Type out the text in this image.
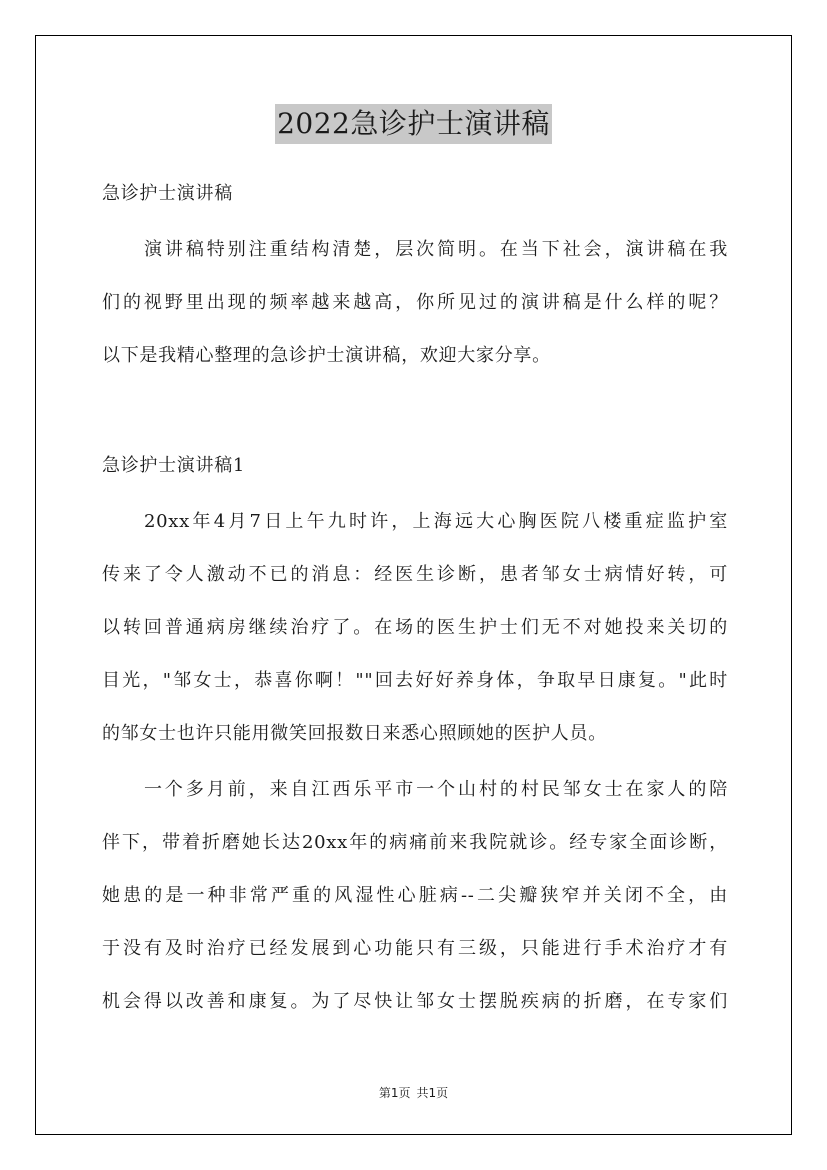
2022急诊护士演讲稿
急诊护士演讲稿
演讲稿特别注重结构清楚，层次简明。在当下社会，演讲稿在我
们的视野里出现的频率越来越高，你所见过的演讲稿是什么样的呢？
以下是我精心整理的急诊护士演讲稿，欢迎大家分享。
急诊护士演讲稿1
20xx年4月7日上午九时许，上海远大心胸医院八楼重症监护室
传来了令人激动不已的消息：经医生诊断，患者邹女士病情好转，可
以转回普通病房继续治疗了。在场的医生护士们无不对她投来关切的
目光，"邹女士，恭喜你啊！""回去好好养身体，争取早日康复。"此时
的邹女士也许只能用微笑回报数日来悉心照顾她的医护人员。
一个多月前，来自江西乐平市一个山村的村民邹女士在家人的陪
伴下，带着折磨她长达20xx年的病痛前来我院就诊。经专家全面诊断，
她患的是一种非常严重的风湿性心脏病--二尖瓣狭窄并关闭不全，由
于没有及时治疗已经发展到心功能只有三级，只能进行手术治疗才有
机会得以改善和康复。为了尽快让邹女士摆脱疾病的折磨，在专家们
第1页 共1页
